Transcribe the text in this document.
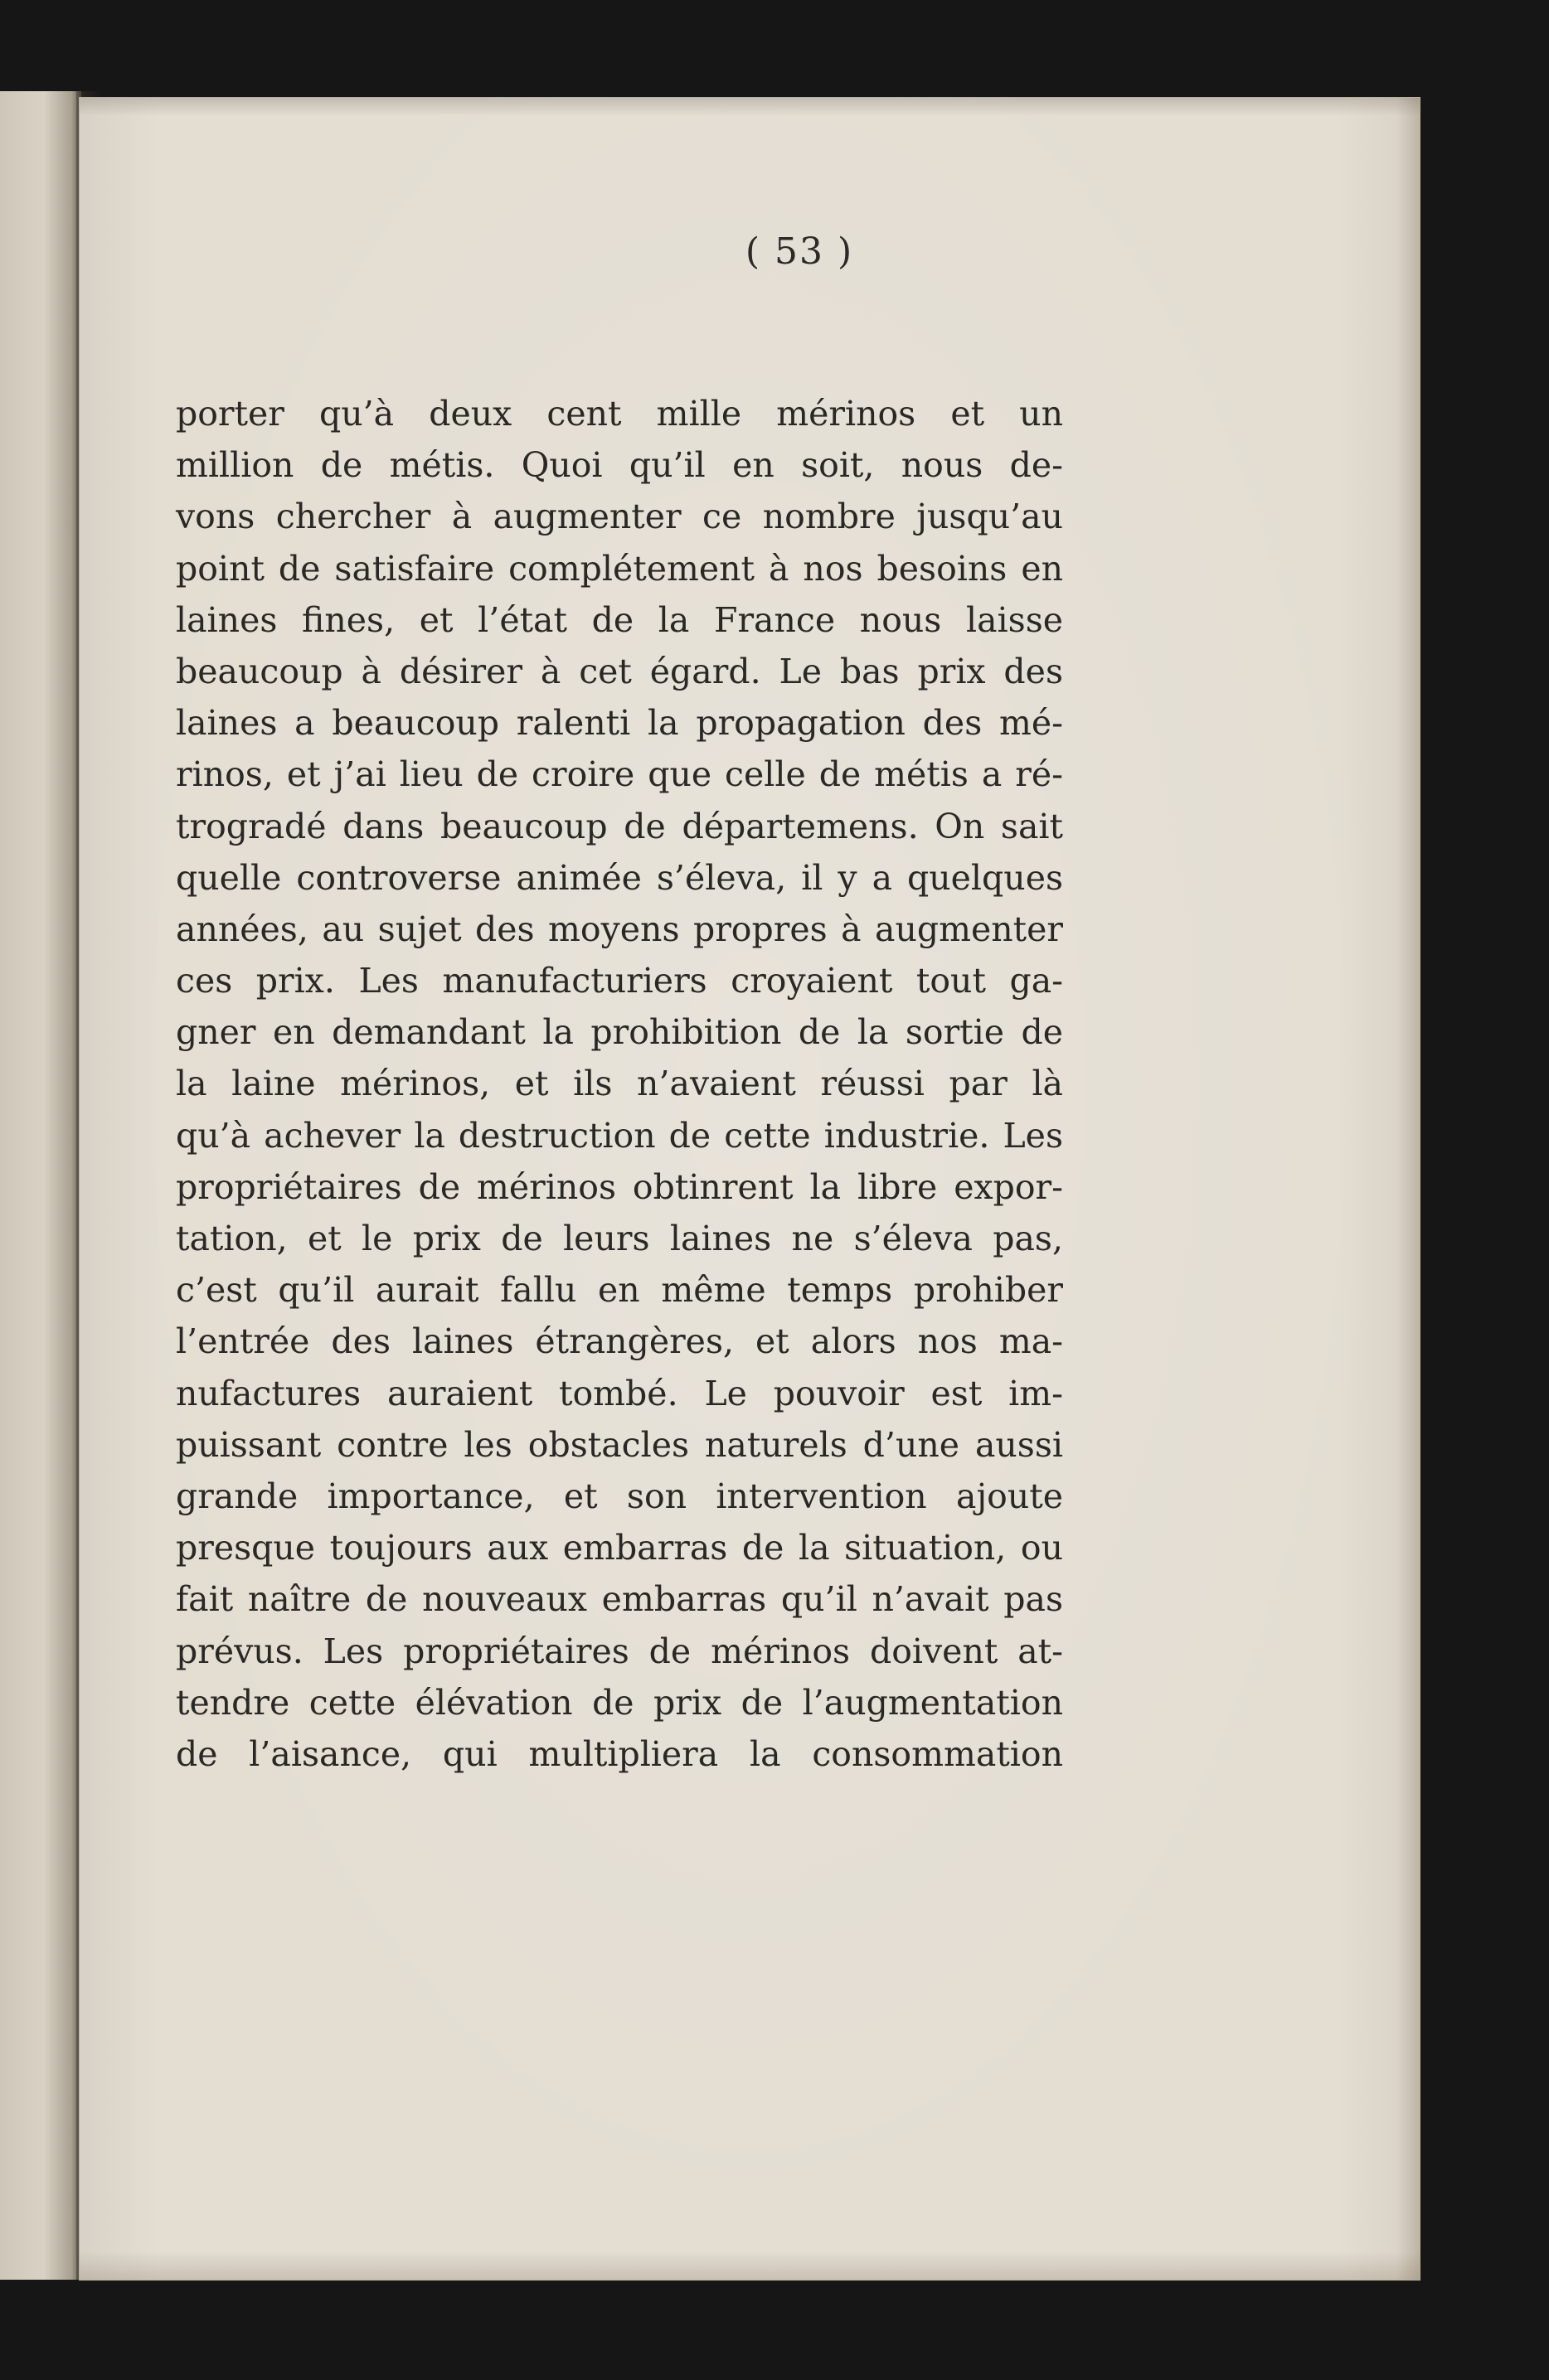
( 53 )
porter qu’à deux cent mille mérinos et un
million de métis. Quoi qu’il en soit, nous de-
vons chercher à augmenter ce nombre jusqu’au
point de satisfaire complétement à nos besoins en
laines fines, et l’état de la France nous laisse
beaucoup à désirer à cet égard. Le bas prix des
laines a beaucoup ralenti la propagation des mé-
rinos, et j’ai lieu de croire que celle de métis a ré-
trogradé dans beaucoup de départemens. On sait
quelle controverse animée s’éleva, il y a quelques
années, au sujet des moyens propres à augmenter
ces prix. Les manufacturiers croyaient tout ga-
gner en demandant la prohibition de la sortie de
la laine mérinos, et ils n’avaient réussi par là
qu’à achever la destruction de cette industrie. Les
propriétaires de mérinos obtinrent la libre expor-
tation, et le prix de leurs laines ne s’éleva pas,
c’est qu’il aurait fallu en même temps prohiber
l’entrée des laines étrangères, et alors nos ma-
nufactures auraient tombé. Le pouvoir est im-
puissant contre les obstacles naturels d’une aussi
grande importance, et son intervention ajoute
presque toujours aux embarras de la situation, ou
fait naître de nouveaux embarras qu’il n’avait pas
prévus. Les propriétaires de mérinos doivent at-
tendre cette élévation de prix de l’augmentation
de l’aisance, qui multipliera la consommation
